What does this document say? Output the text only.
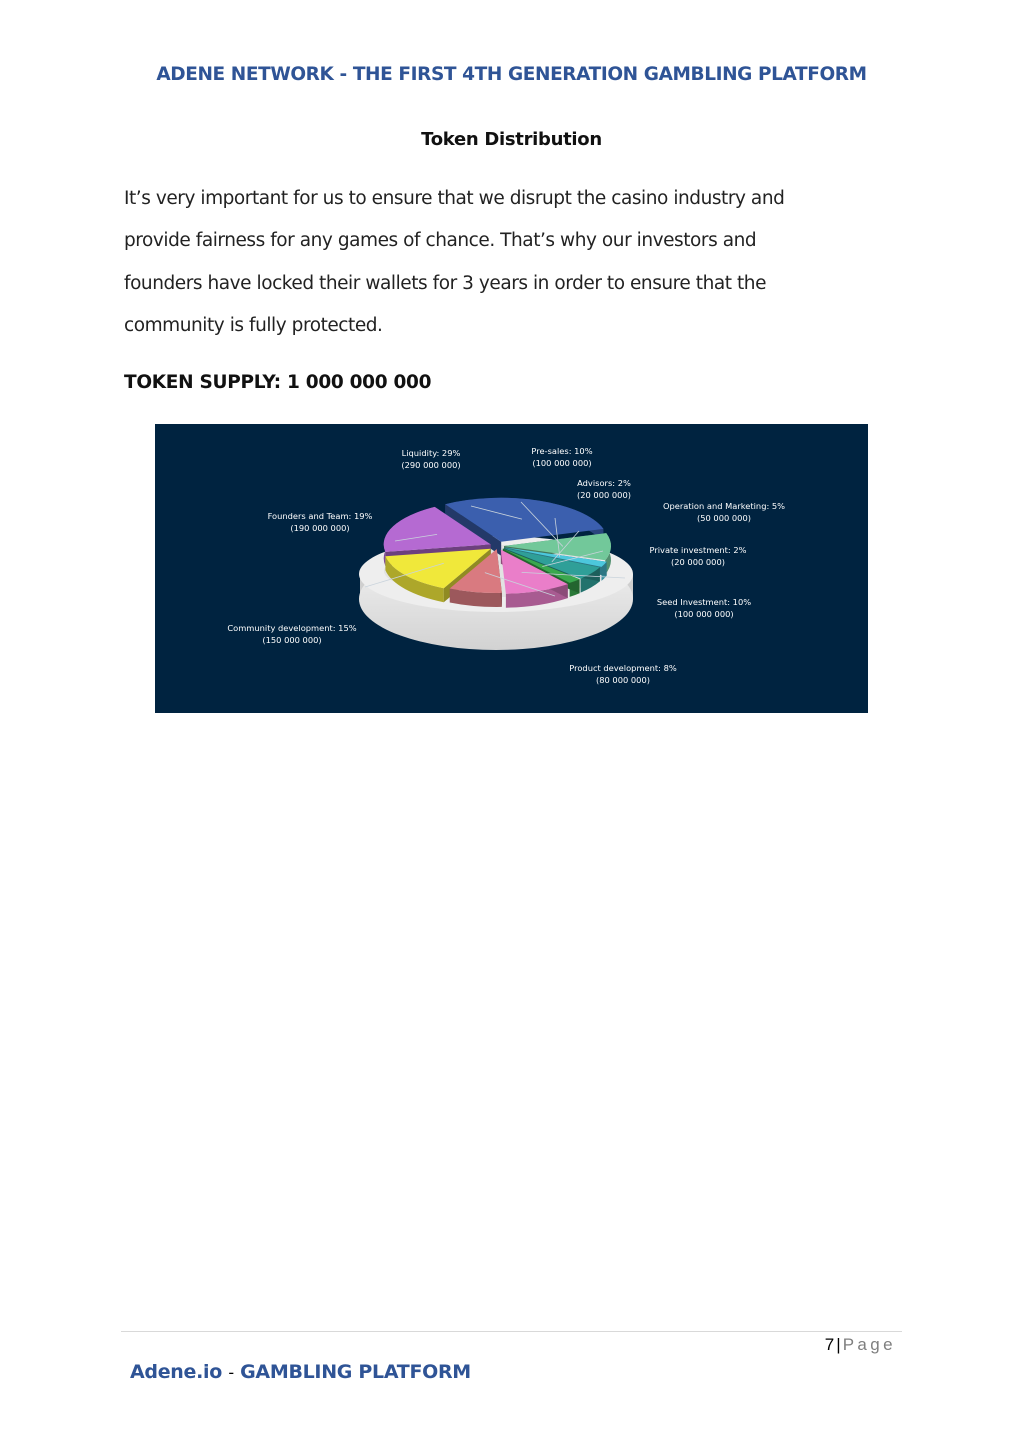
ADENE NETWORK - THE FIRST 4TH GENERATION GAMBLING PLATFORM
Token Distribution

It’s very important for us to ensure that we disrupt the casino industry and
provide fairness for any games of chance. That’s why our investors and
founders have locked their wallets for 3 years in order to ensure that the
community is fully protected.

TOKEN SUPPLY: 1 000 000 000
Liquidity: 29%
(290 000 000)
Pre-sales: 10%
(100 000 000)
Advisors: 2%
(20 000 000)
Operation and Marketing: 5%
(50 000 000)
Private investment: 2%
(20 000 000)
Seed Investment: 10%
(100 000 000)
Product development: 8%
(80 000 000)
Community development: 15%
(150 000 000)
Founders and Team: 19%
(190 000 000)
7 | Page
Adene.io - GAMBLING PLATFORM
